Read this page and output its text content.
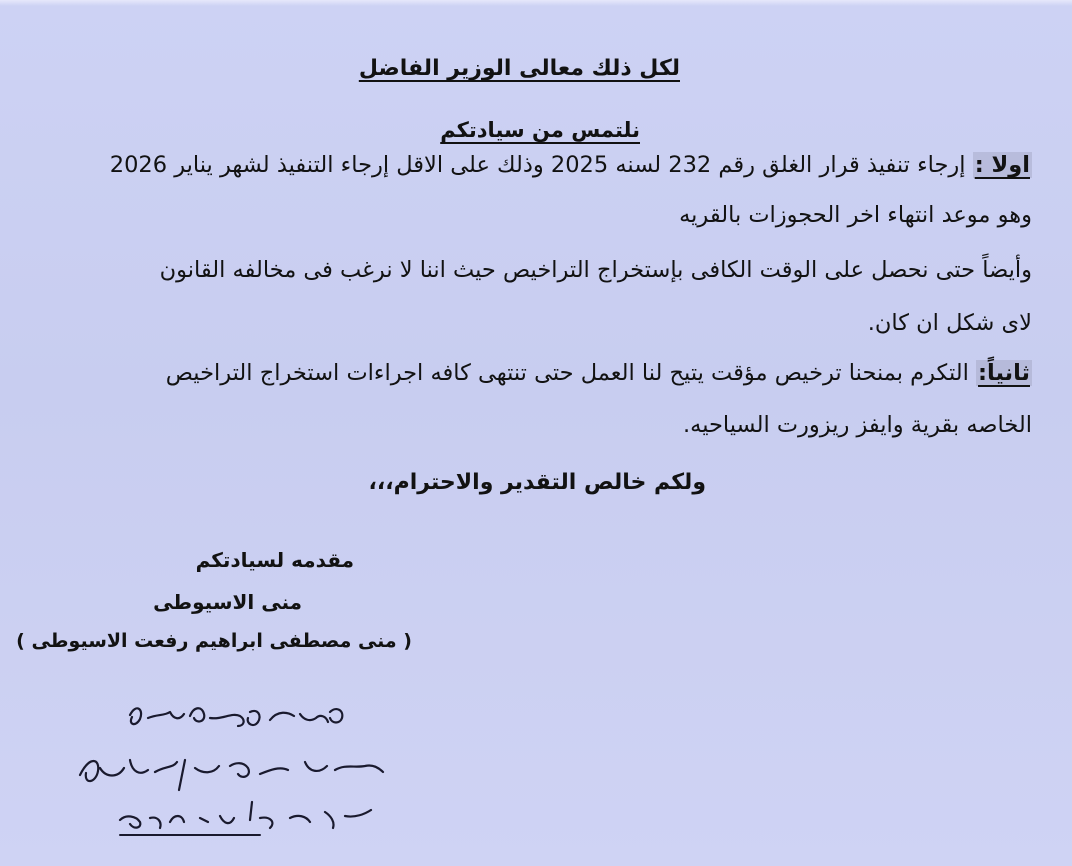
لكل ذلك معالى الوزير الفاضل
نلتمس من سيادتكم
اولا : إرجاء تنفيذ قرار الغلق رقم 232 لسنه 2025 وذلك على الاقل إرجاء التنفيذ لشهر يناير 2026
وهو موعد انتهاء اخر الحجوزات بالقريه
وأيضاً حتى نحصل على الوقت الكافى بإستخراج التراخيص حيث اننا لا نرغب فى مخالفه القانون
لاى شكل ان كان.
ثانياً: التكرم بمنحنا ترخيص مؤقت يتيح لنا العمل حتى تنتهى كافه اجراءات استخراج التراخيص
الخاصه بقرية وايفز ريزورت السياحيه.
ولكم خالص التقدير والاحترام،،،
مقدمه لسيادتكم
منى الاسيوطى
( منى مصطفى ابراهيم رفعت الاسيوطى )
